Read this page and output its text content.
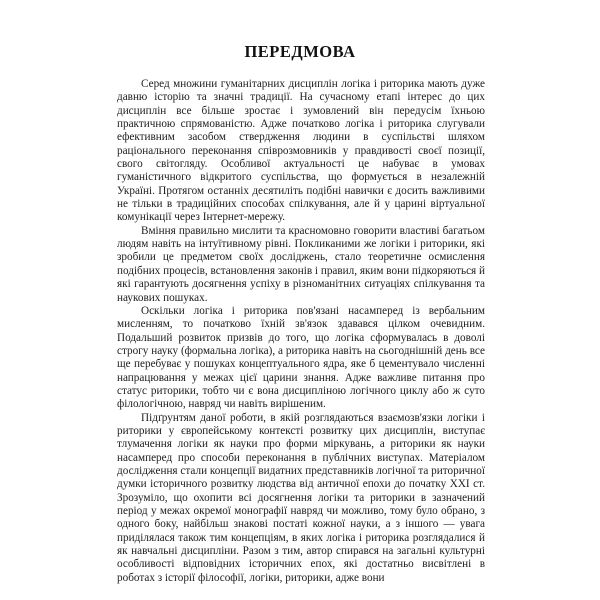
ПЕРЕДМОВА

Серед множини гуманітарних дисциплін логіка і риторика мають дуже давню історію та значні традиції. На сучасному етапі інтерес до цих дисциплін все більше зростає і зумовлений він передусім їхньою практичною спрямованістю. Адже початково логіка і риторика слугували ефективним засобом ствердження людини в суспільстві шляхом раціонального переконання співрозмовників у правдивості своєї позиції, свого світогляду. Особливої актуальності це набуває в умовах гуманістичного відкритого суспільства, що формується в незалежній Україні. Протягом останніх десятиліть подібні навички є досить важливими не тільки в традиційних способах спілкування, але й у царині віртуальної комунікації через Інтернет-мережу.

Вміння правильно мислити та красномовно говорити властиві багатьом людям навіть на інтуїтивному рівні. Покликаними же логіки і риторики, які зробили це предметом своїх досліджень, стало теоретичне осмислення подібних процесів, встановлення законів і правил, яким вони підкоряються й які гарантують досягнення успіху в різноманітних ситуаціях спілкування та наукових пошуках.

Оскільки логіка і риторика пов'язані насамперед із вербальним мисленням, то початково їхній зв'язок здавався цілком очевидним. Подальший розвиток призвів до того, що логіка сформувалась в доволі строгу науку (формальна логіка), а риторика навіть на сьогоднішній день все ще перебуває у пошуках концептуального ядра, яке б цементувало численні напрацювання у межах цієї царини знання. Адже важливе питання про статус риторики, тобто чи є вона дисципліною логічного циклу або ж суто філологічною, навряд чи навіть вирішеним.

Підґрунтям даної роботи, в якій розглядаються взаємозв'язки логіки і риторики у європейському контексті розвитку цих дисциплін, виступає тлумачення логіки як науки про форми міркувань, а риторики як науки насамперед про способи переконання в публічних виступах. Матеріалом дослідження стали концепції видатних представників логічної та риторичної думки історичного розвитку людства від античної епохи до початку XXI ст. Зрозуміло, що охопити всі досягнення логіки та риторики в зазначений період у межах окремої монографії навряд чи можливо, тому було обрано, з одного боку, найбільш знакові постаті кожної науки, а з іншого — увага приділялася також тим концепціям, в яких логіка і риторика розглядалися й як навчальні дисципліни. Разом з тим, автор спирався на загальні культурні особливості відповідних історичних епох, які достатньо висвітлені в роботах з історії філософії, логіки, риторики, адже вони
